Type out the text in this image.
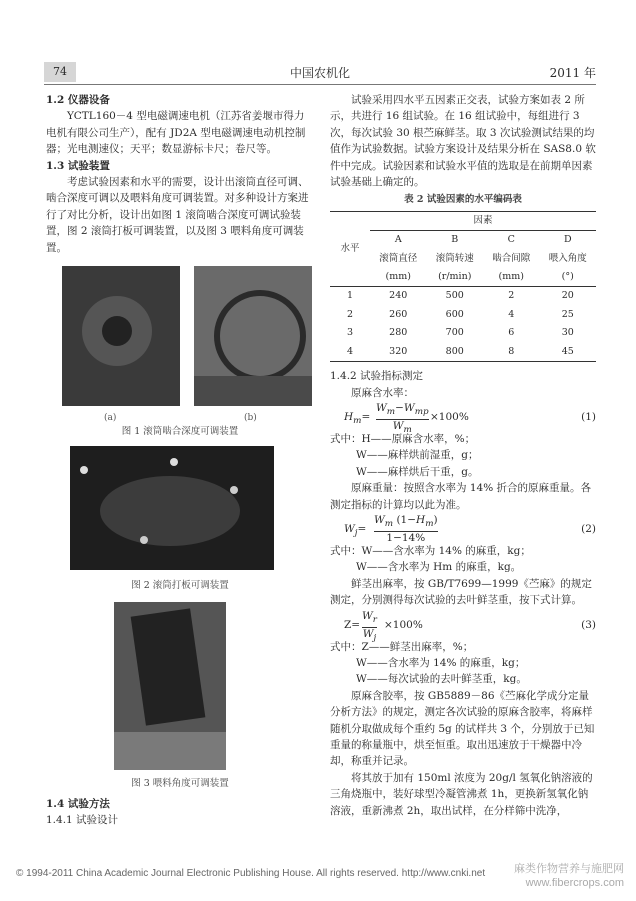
74	中国农机化	2011 年

1.2 仪器设备

YCTL160－4 型电磁调速电机（江苏省姜堰市得力电机有限公司生产），配有 JD2A 型电磁调速电动机控制器；光电测速仪；天平；数显游标卡尺；卷尺等。

1.3 试验装置

考虑试验因素和水平的需要，设计出滚筒直径可调、啮合深度可调以及喂料角度可调装置。对多种设计方案进行了对比分析，设计出如图 1 滚筒啮合深度可调试验装置，图 2 滚筒打板可调装置，以及图 3 喂料角度可调装置。

(a)	(b)
图 1 滚筒啮合深度可调装置
图 2 滚筒打板可调装置
图 3 喂料角度可调装置

1.4 试验方法

1.4.1 试验设计

试验采用四水平五因素正交表，试验方案如表 2 所示，共进行 16 组试验。在 16 组试验中，每组进行 3 次，每次试验 30 根苎麻鲜茎。取 3 次试验测试结果的均值作为试验数据。试验方案设计及结果分析在 SAS8.0 软件中完成。试验因素和试验水平值的选取是在前期单因素试验基础上确定的。

表 2 试验因素的水平编码表

水平	因素			
	A	B	C	D
	滚筒直径	滚筒转速	啮合间隙	喂入角度
	(mm)	(r/min)	(mm)	(°)
1	240	500	2	20
2	260	600	4	25
3	280	700	6	30
4	320	800	8	45

1.4.2 试验指标测定

原麻含水率：

$H_m=$
$W_m-W_{mp}$
$W_m$
×100%	(1)

式中：H——原麻含水率，%；

W——麻样烘前湿重，g；

W——麻样烘后干重，g。

原麻重量：按照含水率为 14% 折合的原麻重量。各测定指标的计算均以此为准。

$W_j= \frac{W_m (1-H_m)}{1-14\%}$	(2)

式中：W——含水率为 14% 的麻重，kg；

W——含水率为 Hm 的麻重，kg。

鲜茎出麻率，按 GB/T7699—1999《苎麻》的规定测定，分别测得每次试验的去叶鲜茎重，按下式计算。

$Z= \frac{W_r}{W_j} \times 100\%$	(3)

式中：Z——鲜茎出麻率，%；

W——含水率为 14% 的麻重，kg；

W——每次试验的去叶鲜茎重，kg。

原麻含胶率，按 GB5889－86《苎麻化学成分定量分析方法》的规定，测定各次试验的原麻含胶率，将麻样随机分取做成每个重约 5g 的试样共 3 个，分别放于已知重量的称量瓶中，烘至恒重。取出迅速放于干燥器中冷却，称重并记录。

将其放于加有 150ml 浓度为 20g/l 氢氧化钠溶液的三角烧瓶中，装好球型冷凝管沸煮 1h，更换新氢氧化钠溶液，重新沸煮 2h，取出试样，在分样筛中洗净，

© 1994-2011 China Academic Journal Electronic Publishing House. All rights reserved. http://www.cnki.net	麻类作物营养与施肥网
www.fibercrops.com
